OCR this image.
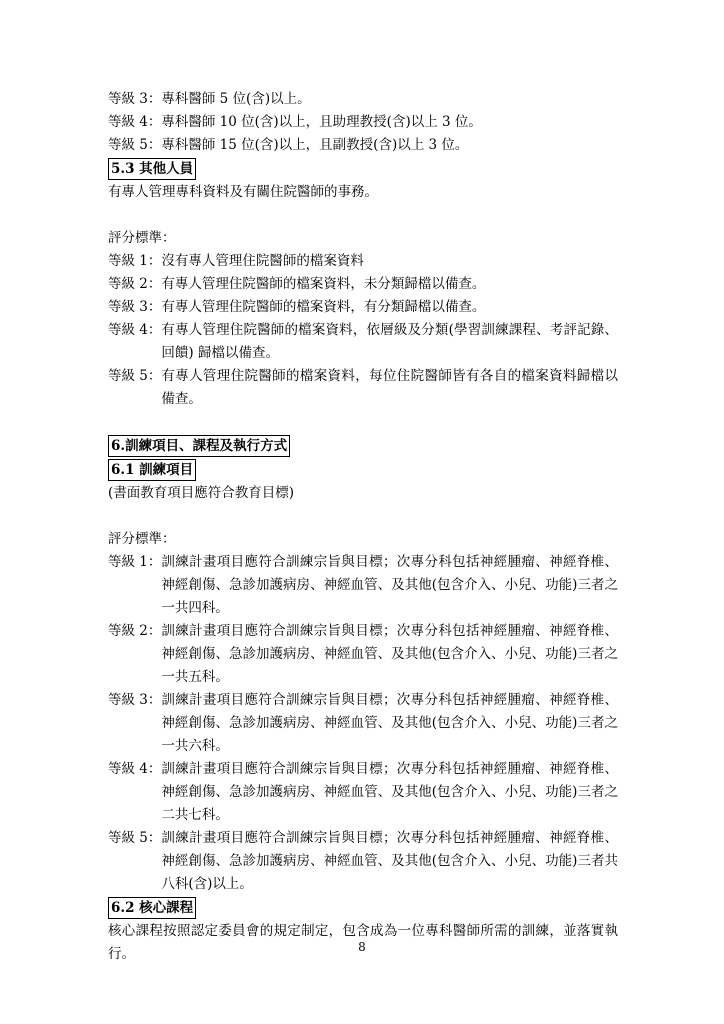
等級 3： 專科醫師 5 位(含)以上。
等級 4： 專科醫師 10 位(含)以上，且助理教授(含)以上 3 位。
等級 5： 專科醫師 15 位(含)以上，且副教授(含)以上 3 位。
5.3 其他人員
有專人管理專科資料及有關住院醫師的事務。
評分標準：
等級 1： 沒有專人管理住院醫師的檔案資料
等級 2： 有專人管理住院醫師的檔案資料，未分類歸檔以備查。
等級 3： 有專人管理住院醫師的檔案資料，有分類歸檔以備查。
等級 4： 有專人管理住院醫師的檔案資料，依層級及分類(學習訓練課程、考評記錄、回饋) 歸檔以備查。
等級 5： 有專人管理住院醫師的檔案資料，每位住院醫師皆有各自的檔案資料歸檔以備查。
6.訓練項目、課程及執行方式
6.1 訓練項目
(書面教育項目應符合教育目標)
評分標準：
等級 1： 訓練計畫項目應符合訓練宗旨與目標；次專分科包括神經腫瘤、神經脊椎、神經創傷、急診加護病房、神經血管、及其他(包含介入、小兒、功能)三者之一共四科。
等級 2： 訓練計畫項目應符合訓練宗旨與目標；次專分科包括神經腫瘤、神經脊椎、神經創傷、急診加護病房、神經血管、及其他(包含介入、小兒、功能)三者之一共五科。
等級 3： 訓練計畫項目應符合訓練宗旨與目標；次專分科包括神經腫瘤、神經脊椎、神經創傷、急診加護病房、神經血管、及其他(包含介入、小兒、功能)三者之一共六科。
等級 4： 訓練計畫項目應符合訓練宗旨與目標；次專分科包括神經腫瘤、神經脊椎、神經創傷、急診加護病房、神經血管、及其他(包含介入、小兒、功能)三者之二共七科。
等級 5： 訓練計畫項目應符合訓練宗旨與目標；次專分科包括神經腫瘤、神經脊椎、神經創傷、急診加護病房、神經血管、及其他(包含介入、小兒、功能)三者共八科(含)以上。
6.2 核心課程
核心課程按照認定委員會的規定制定，包含成為一位專科醫師所需的訓練，並落實執行。	8
